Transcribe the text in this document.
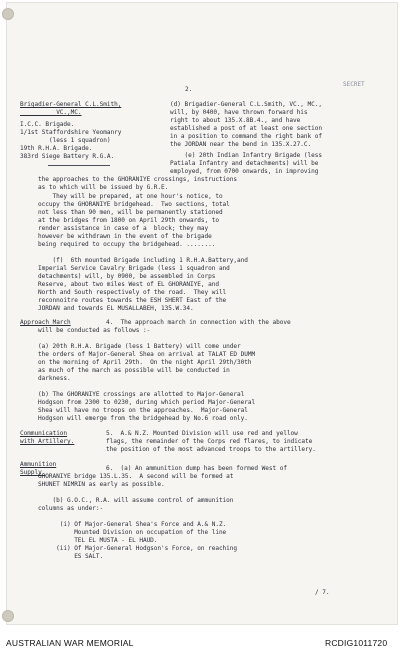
2.
SECRET
Brigadier-General C.L.Smith,
VC.,MC.
I.C.C. Brigade.
1/1st Staffordshire Yeomanry
(less 1 squadron)
19th R.H.A. Brigade.
383rd Siege Battery R.G.A.
(d) Brigadier-General C.L.Smith, VC., MC.,
will, by 0400, have thrown forward his
right to about 135.X.8B.4., and have
established a post of at least one section
in a position to command the right bank of
the JORDAN near the bend in 135.X.27.C.
(e) 20th Indian Infantry Brigade (less
Patiala Infantry and detachments) will be
employed, from 0700 onwards, in improving
the approaches to the GHORANIYE crossings, instructions
as to which will be issued by G.R.E.
They will be prepared, at one hour's notice, to
occupy the GHORANIYE bridgehead.  Two sections, total
not less than 90 men, will be permanently stationed
at the bridges from 1800 on April 29th onwards, to
render assistance in case of a  block; they may
however be withdrawn in the event of the brigade
being required to occupy the bridgehead. ........
(f)  6th mounted Brigade including 1 R.H.A.Battery,and
Imperial Service Cavalry Brigade (less 1 squadron and
detachments) will, by 0900, be assembled in Corps
Reserve, about two miles West of EL GHORANIYE, and
North and South respectively of the road.  They will
reconnoitre routes towards the ESH SHERT East of the
JORDAN and towards EL MUSALLABEH, 135.W.34.
Approach March	4.  The approach march in connection with the above
will be conducted as follows :-
(a) 20th R.H.A. Brigade (less 1 Battery) will come under
the orders of Major-General Shea on arrival at TALAT ED DUMM
on the morning of April 29th.  On the night April 29th/30th
as much of the march as possible will be conducted in
darkness.
(b) The GHORANIYE crossings are allotted to Major-General
Hodgson from 2300 to 0230, during which period Major-General
Shea will have no troops on the approaches.  Major-General
Hodgson will emerge from the bridgehead by No.6 road only.
Communication
with Artillery.
5.  A.& N.Z. Mounted Division will use red and yellow
flags, the remainder of the Corps red flares, to indicate
the position of the most advanced troops to the artillery.
Ammunition
Supply.
6.  (a) An ammunition dump has been formed West of
GHORANIYE bridge 135.L.35.  A second will be formed at
SHUNET NIMRIN as early as possible.
(b) G.O.C., R.A. will assume control of ammunition
columns as under:-
(i) Of Major-General Shea's Force and A.& N.Z.
Mounted Division on occupation of the line
TEL EL MUSTA - EL HAUD.
(ii) Of Major-General Hodgson's Force, on reaching
ES SALT.
/ 7.
AUSTRALIAN WAR MEMORIAL	RCDIG1011720
